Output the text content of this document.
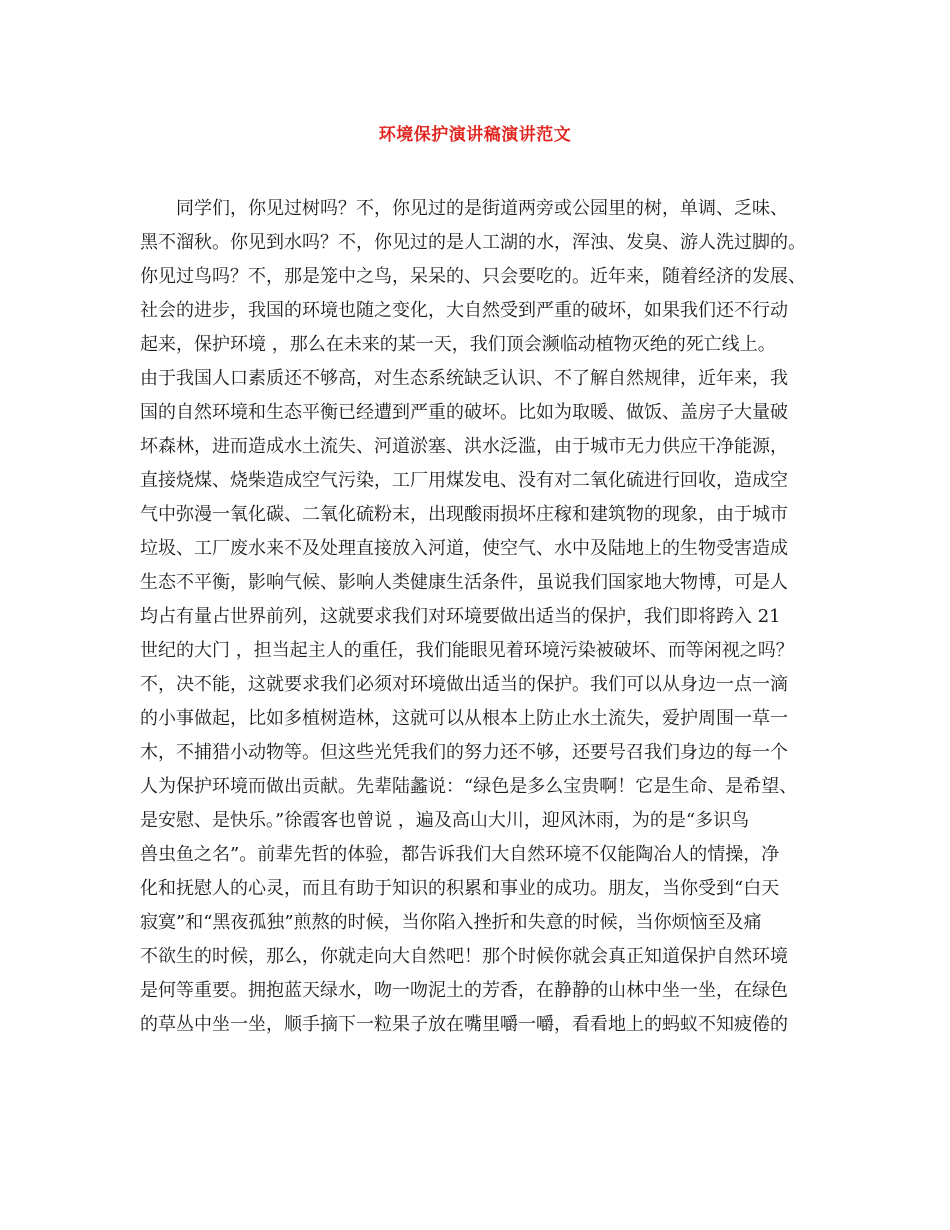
环境保护演讲稿演讲范文
　　同学们，你见过树吗？不，你见过的是街道两旁或公园里的树，单调、乏味、
黑不溜秋。你见到水吗？不，你见过的是人工湖的水，浑浊、发臭、游人洗过脚的。
你见过鸟吗？不，那是笼中之鸟，呆呆的、只会要吃的。近年来，随着经济的发展、
社会的进步，我国的环境也随之变化，大自然受到严重的破坏，如果我们还不行动
起来，保护环境 ，那么在未来的某一天，我们顶会濒临动植物灭绝的死亡线上。
由于我国人口素质还不够高，对生态系统缺乏认识、不了解自然规律，近年来，我
国的自然环境和生态平衡已经遭到严重的破坏。比如为取暖、做饭、盖房子大量破
坏森林，进而造成水土流失、河道淤塞、洪水泛滥，由于城市无力供应干净能源，
直接烧煤、烧柴造成空气污染，工厂用煤发电、没有对二氧化硫进行回收，造成空
气中弥漫一氧化碳、二氧化硫粉末，出现酸雨损坏庄稼和建筑物的现象，由于城市
垃圾、工厂废水来不及处理直接放入河道，使空气、水中及陆地上的生物受害造成
生态不平衡，影响气候、影响人类健康生活条件，虽说我们国家地大物博，可是人
均占有量占世界前列，这就要求我们对环境要做出适当的保护，我们即将跨入 21
世纪的大门 ，担当起主人的重任，我们能眼见着环境污染被破坏、而等闲视之吗？
不，决不能，这就要求我们必须对环境做出适当的保护。我们可以从身边一点一滴
的小事做起，比如多植树造林，这就可以从根本上防止水土流失，爱护周围一草一
木，不捕猎小动物等。但这些光凭我们的努力还不够，还要号召我们身边的每一个
人为保护环境而做出贡献。先辈陆蠡说：“绿色是多么宝贵啊！它是生命、是希望、
是安慰、是快乐。”徐霞客也曾说 ，遍及高山大川，迎风沐雨，为的是“多识鸟
兽虫鱼之名”。前辈先哲的体验，都告诉我们大自然环境不仅能陶冶人的情操，净
化和抚慰人的心灵，而且有助于知识的积累和事业的成功。朋友，当你受到“白天
寂寞”和“黑夜孤独”煎熬的时候，当你陷入挫折和失意的时候，当你烦恼至及痛
不欲生的时候，那么，你就走向大自然吧！那个时候你就会真正知道保护自然环境
是何等重要。拥抱蓝天绿水，吻一吻泥土的芳香，在静静的山林中坐一坐，在绿色
的草丛中坐一坐，顺手摘下一粒果子放在嘴里嚼一嚼，看看地上的蚂蚁不知疲倦的
